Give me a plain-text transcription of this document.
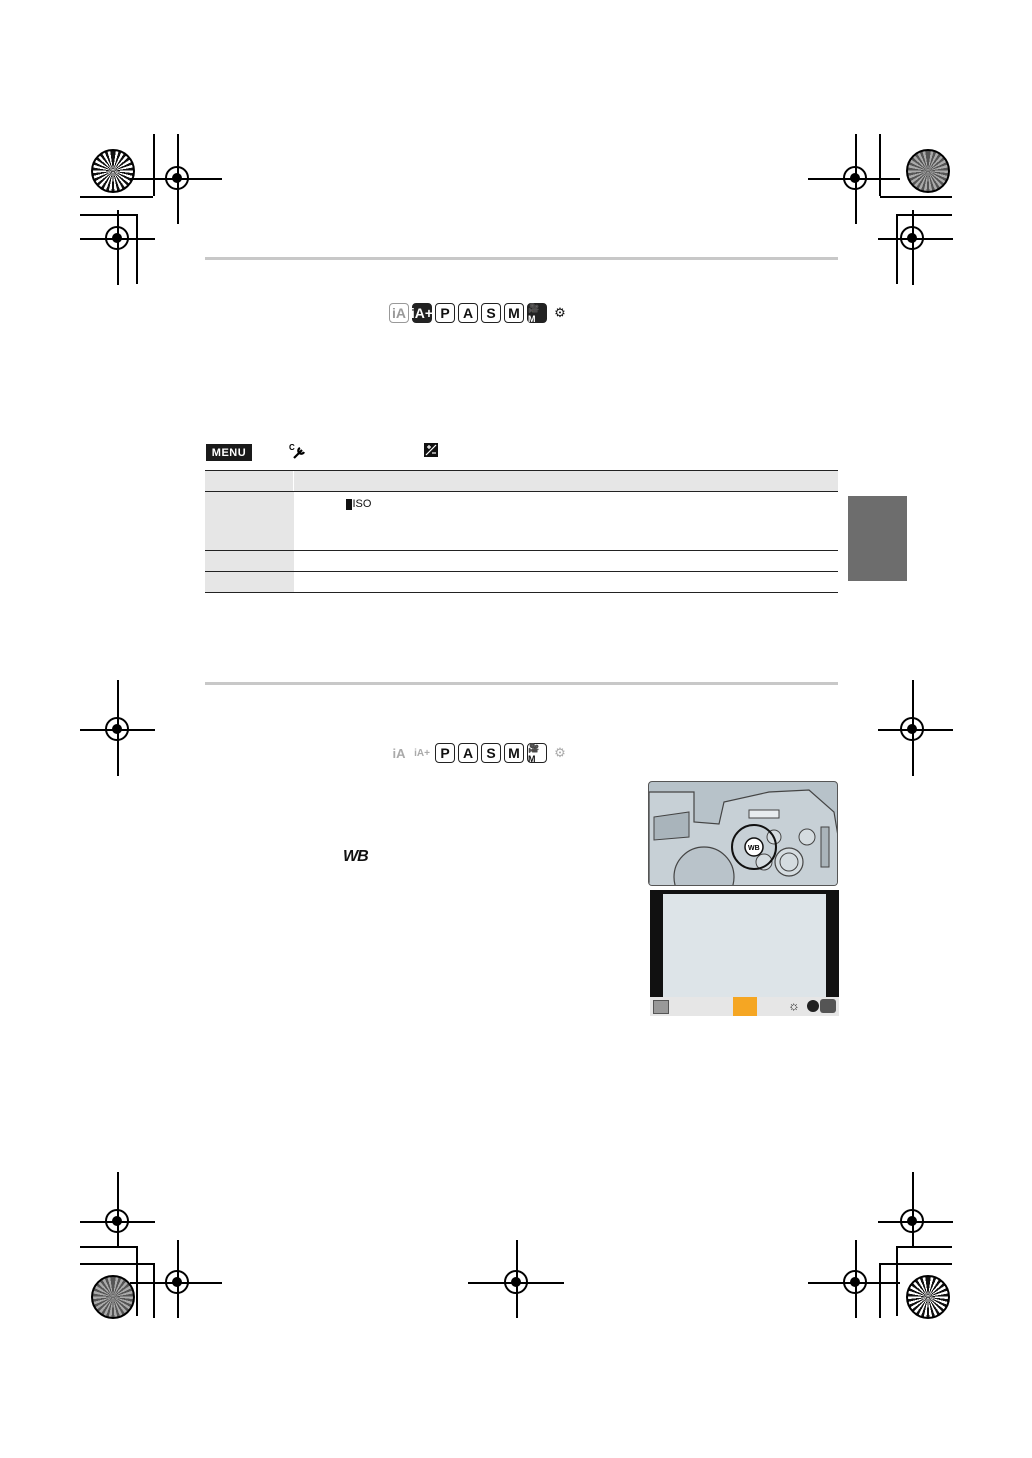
iA iA+ P A S M 🎥M	⚙
MENU	C

	ISO

iA iA+ P A S M 🎥M	⚙
WB	WB
☼
